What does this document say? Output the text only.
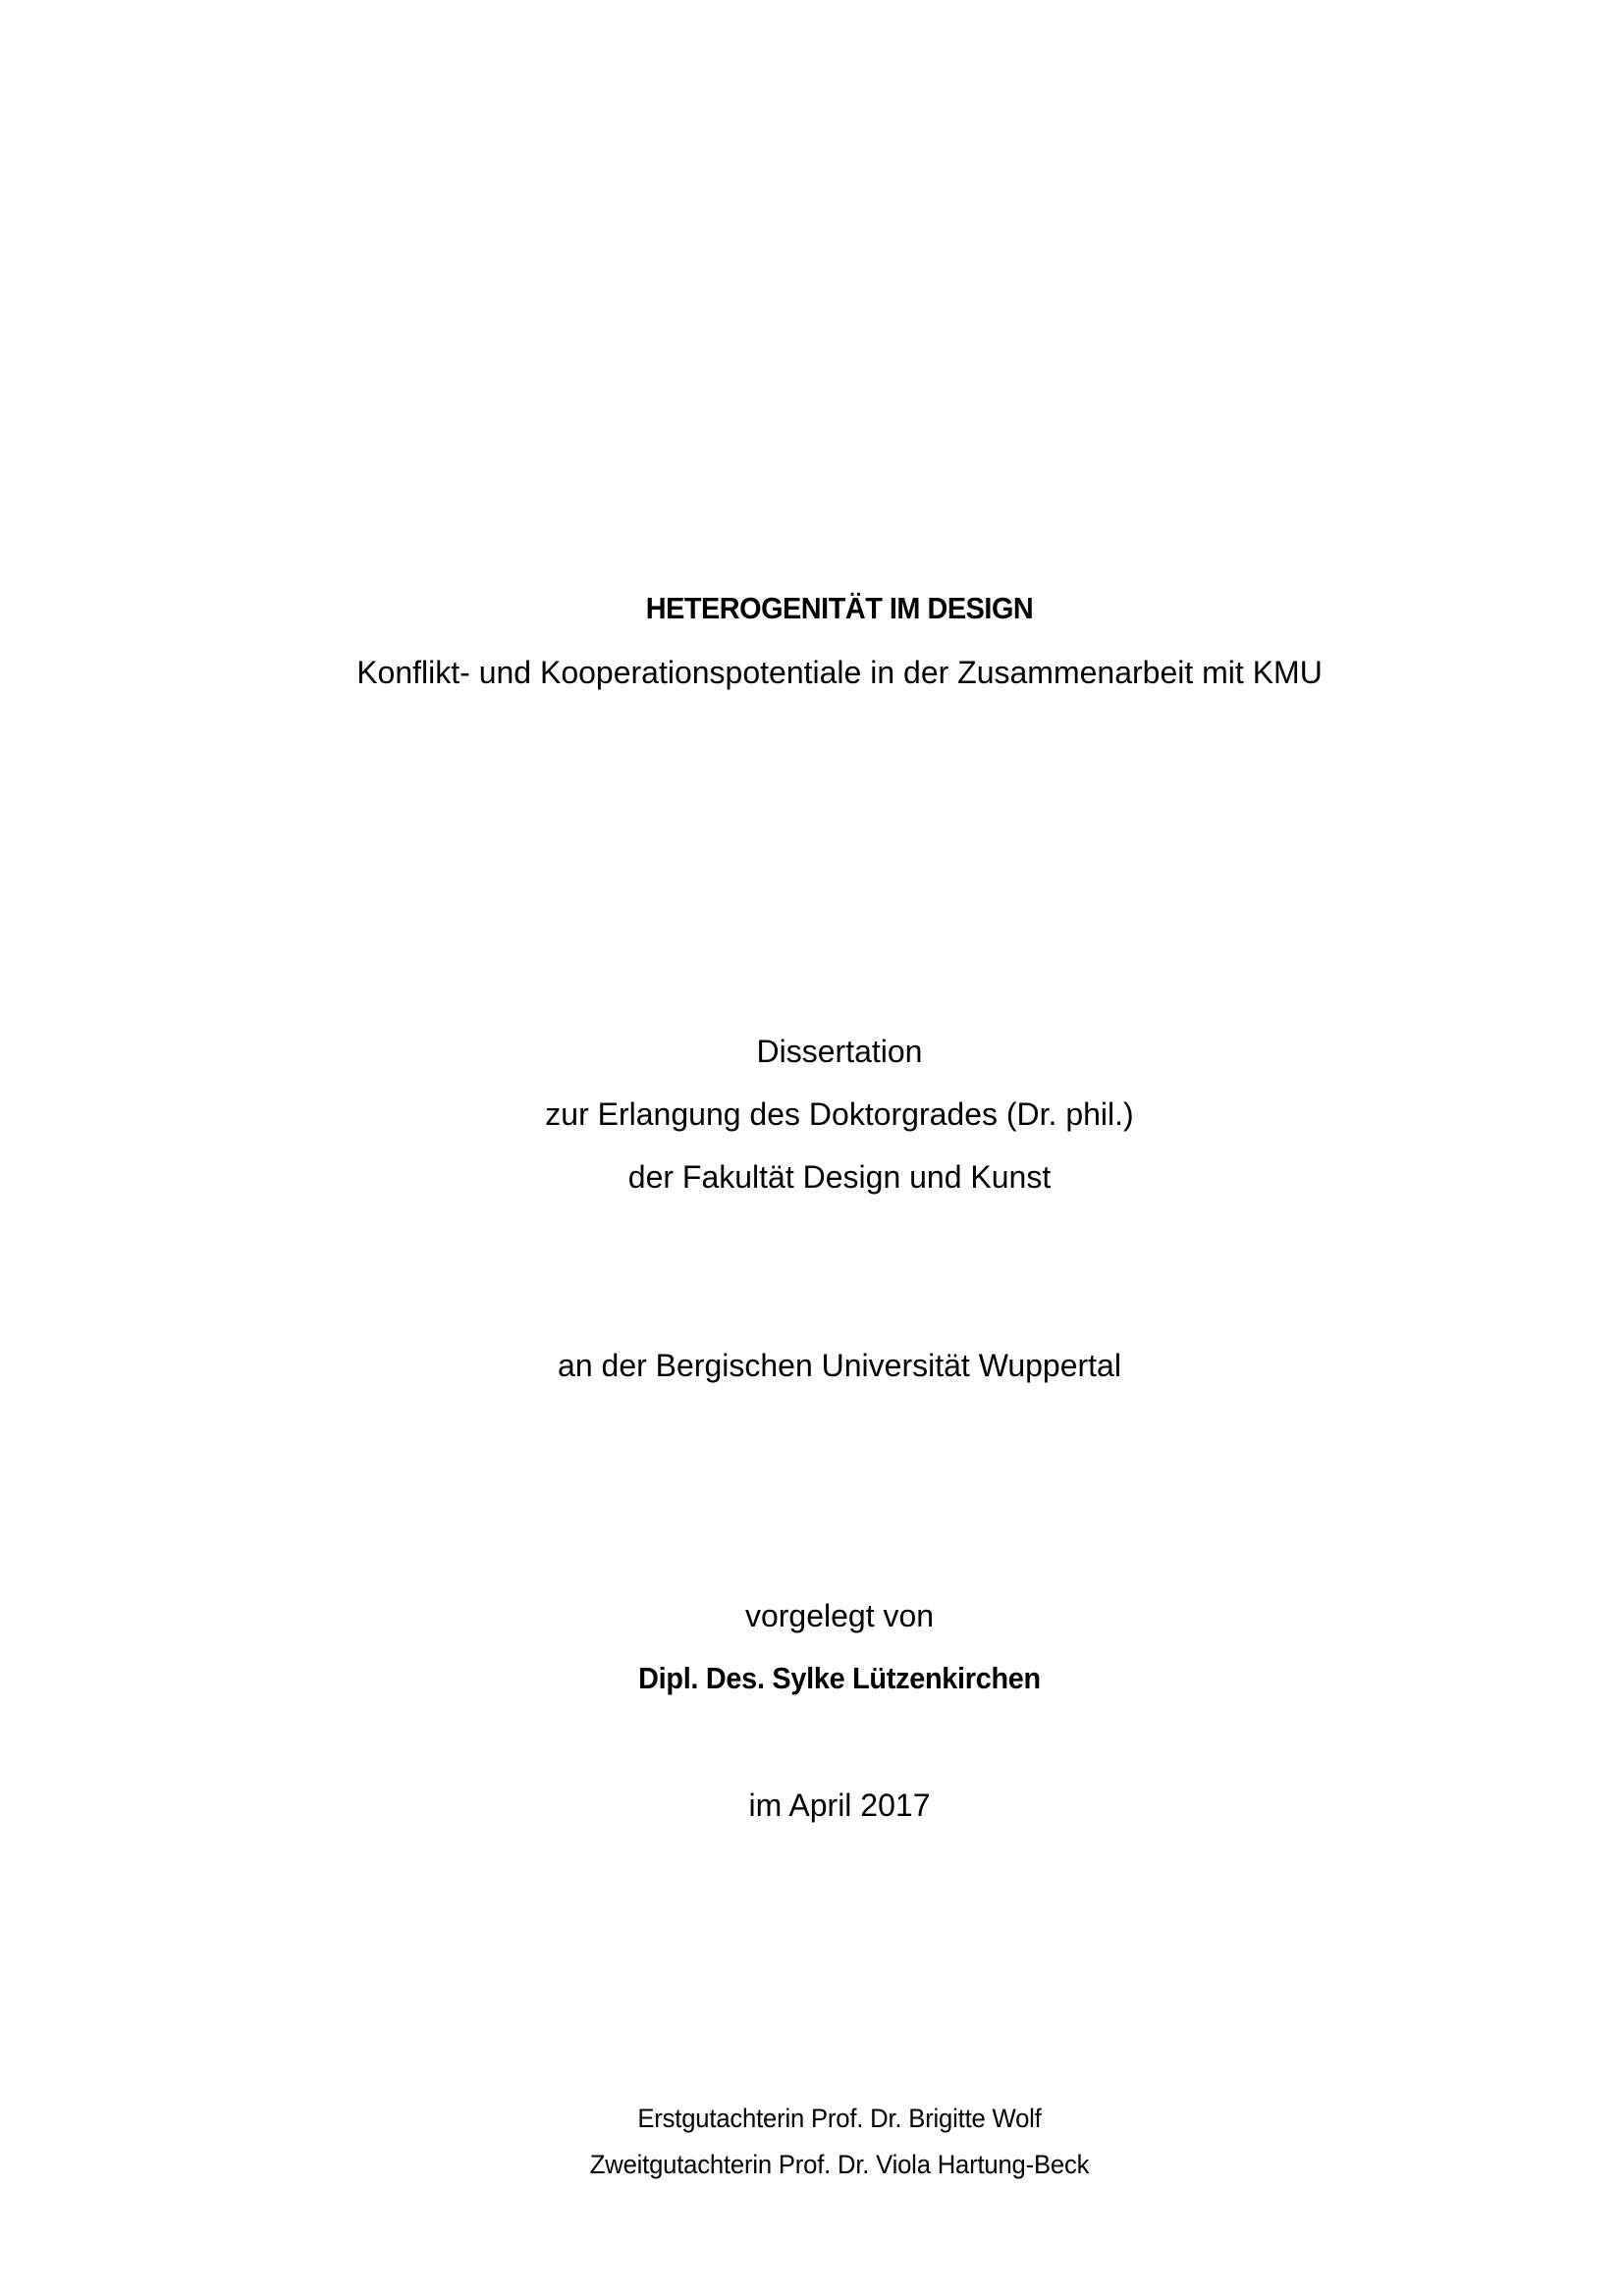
HETEROGENITÄT IM DESIGN
Konflikt- und Kooperationspotentiale in der Zusammenarbeit mit KMU
Dissertation
zur Erlangung des Doktorgrades (Dr. phil.)
der Fakultät Design und Kunst
an der Bergischen Universität Wuppertal
vorgelegt von
Dipl. Des. Sylke Lützenkirchen
im April 2017
Erstgutachterin Prof. Dr. Brigitte Wolf
Zweitgutachterin Prof. Dr. Viola Hartung-Beck
